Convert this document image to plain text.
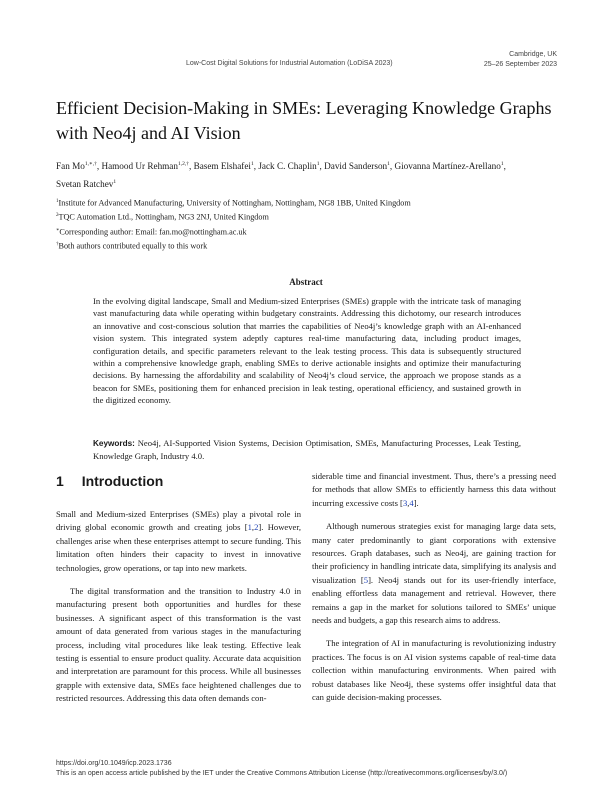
Low-Cost Digital Solutions for Industrial Automation (LoDiSA 2023)
Cambridge, UK
25–26 September 2023
Efficient Decision-Making in SMEs: Leveraging Knowledge Graphs
with Neo4j and AI Vision
Fan $Mo^{1,∗,\dagger}$, Hamood Ur Rehman$^{1,2,\dagger}$, Basem Elshafei$^1$, Jack C. Chaplin$^1$, David Sanderson$^1$, Giovanna Martínez-Arellano$^1$,
Svetan Ratchev$^1$
$^1$Institute for Advanced Manufacturing, University of Nottingham, Nottingham, NG8 1BB, United Kingdom
$^2$TQC Automation Ltd., Nottingham, NG3 2NJ, United Kingdom
∗Corresponding author: Email: fan.mo@nottingham.ac.uk
†Both authors contributed equally to this work
Abstract
In the evolving digital landscape, Small and Medium-sized Enterprises (SMEs) grapple with the intricate task of managing vast manufacturing data while operating within budgetary constraints. Addressing this dichotomy, our research introduces an innovative and cost-conscious solution that marries the capabilities of Neo4j’s knowledge graph with an AI-enhanced vision system. This integrated system adeptly captures real-time manufacturing data, including product images, configuration details, and specific parameters relevant to the leak testing process. This data is subsequently structured within a comprehensive knowledge graph, enabling SMEs to derive actionable insights and optimize their manufacturing decisions. By harnessing the affordability and scalability of Neo4j’s cloud service, the approach we propose stands as a beacon for SMEs, positioning them for enhanced precision in leak testing, operational efficiency, and sustained growth in the digitized economy.
Keywords: Neo4j, AI-Supported Vision Systems, Decision Optimisation, SMEs, Manufacturing Processes, Leak Testing, Knowledge Graph, Industry 4.0.
1 Introduction

Small and Medium-sized Enterprises (SMEs) play a pivotal role in driving global economic growth and creating jobs [1,2]. However, challenges arise when these enterprises attempt to secure funding. This limitation often hinders their capacity to invest in innovative technologies, grow operations, or tap into new markets.

The digital transformation and the transition to Industry 4.0 in manufacturing present both opportunities and hurdles for these businesses. A significant aspect of this transformation is the vast amount of data generated from various stages in the manufacturing process, including vital procedures like leak testing. Effective leak testing is essential to ensure product quality. Accurate data acquisition and interpretation are paramount for this process. While all businesses grapple with extensive data, SMEs face heightened challenges due to restricted resources. Addressing this data often demands con-

siderable time and financial investment. Thus, there’s a pressing need for methods that allow SMEs to efficiently harness this data without incurring excessive costs [3,4].

Although numerous strategies exist for managing large data sets, many cater predominantly to giant corporations with extensive resources. Graph databases, such as Neo4j, are gaining traction for their proficiency in handling intricate data, simplifying its analysis and visualization [5]. Neo4j stands out for its user-friendly interface, enabling effortless data management and retrieval. However, there remains a gap in the market for solutions tailored to SMEs’ unique needs and budgets, a gap this research aims to address.

The integration of AI in manufacturing is revolutionizing industry practices. The focus is on AI vision systems capable of real-time data collection within manufacturing environments. When paired with robust databases like Neo4j, these systems offer insightful data that can guide decision-making processes.

https://doi.org/10.1049/icp.2023.1736
This is an open access article published by the IET under the Creative Commons Attribution License (http://creativecommons.org/licenses/by/3.0/)
